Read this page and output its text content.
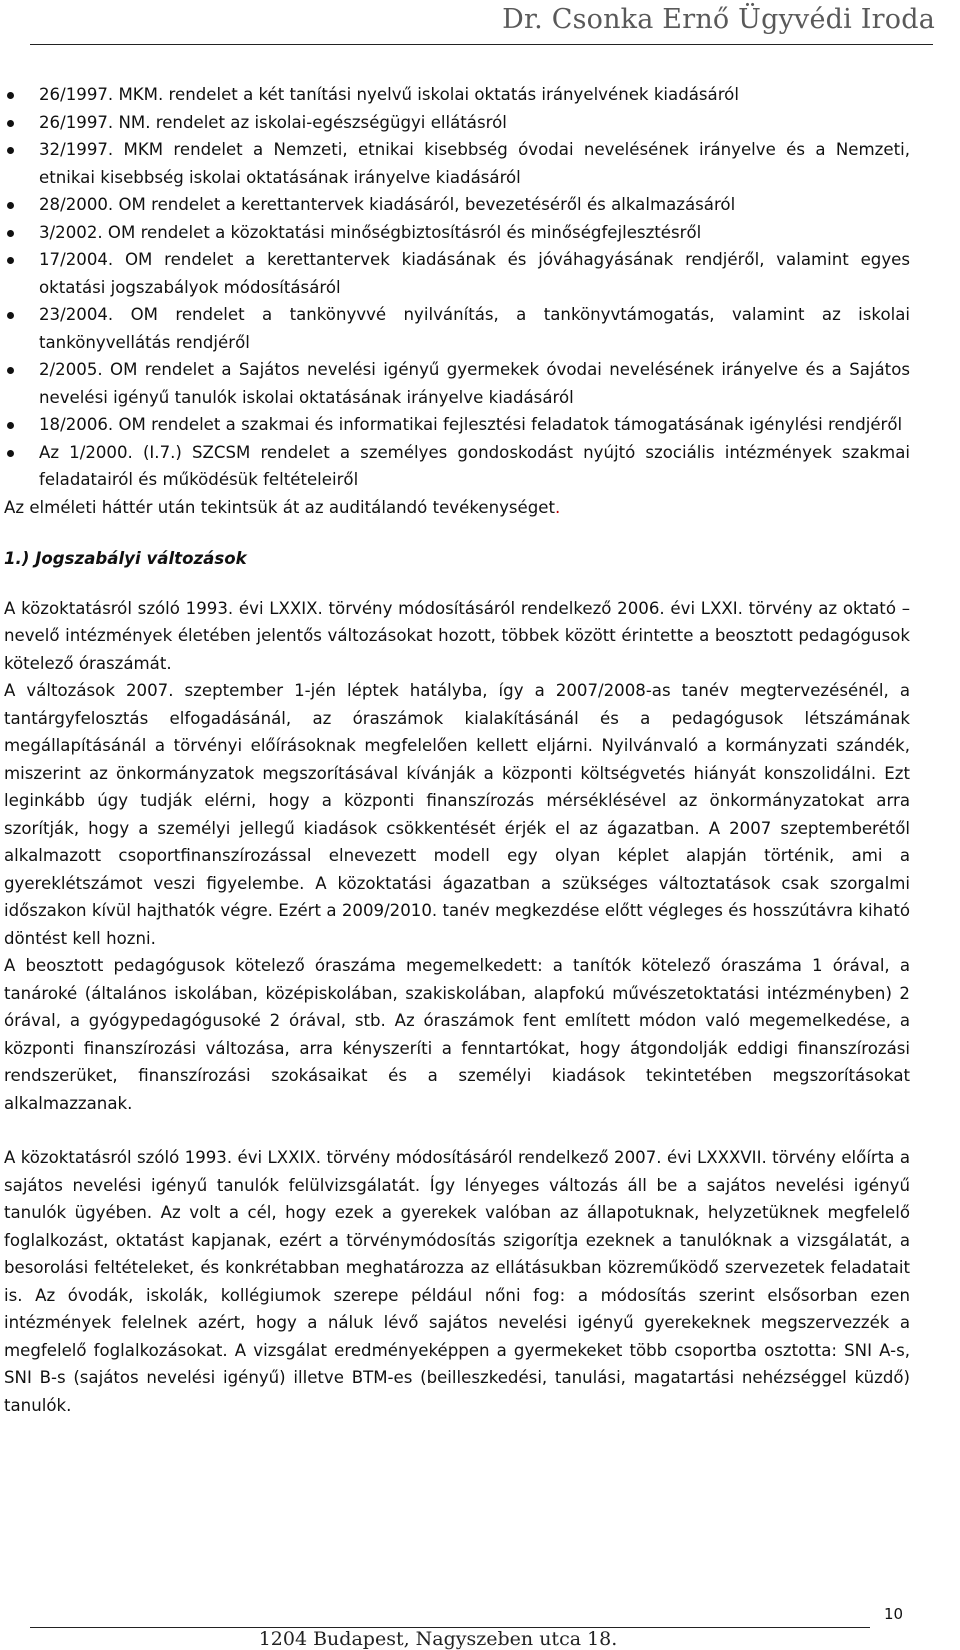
Dr. Csonka Ernő Ügyvédi Iroda
26/1997. MKM. rendelet a két tanítási nyelvű iskolai oktatás irányelvének kiadásáról
26/1997. NM. rendelet az iskolai-egészségügyi ellátásról
32/1997. MKM rendelet a Nemzeti, etnikai kisebbség óvodai nevelésének irányelve és a Nemzeti, etnikai kisebbség iskolai oktatásának irányelve kiadásáról
28/2000. OM rendelet a kerettantervek kiadásáról, bevezetéséről és alkalmazásáról
3/2002. OM rendelet a közoktatási minőségbiztosításról és minőségfejlesztésről
17/2004. OM rendelet a kerettantervek kiadásának és jóváhagyásának rendjéről, valamint egyes oktatási jogszabályok módosításáról
23/2004. OM rendelet a tankönyvvé nyilvánítás, a tankönyvtámogatás, valamint az iskolai tankönyvellátás rendjéről
2/2005. OM rendelet a Sajátos nevelési igényű gyermekek óvodai nevelésének irányelve és a Sajátos nevelési igényű tanulók iskolai oktatásának irányelve kiadásáról
18/2006. OM rendelet a szakmai és informatikai fejlesztési feladatok támogatásának igénylési rendjéről
Az 1/2000. (I.7.) SZCSM rendelet a személyes gondoskodást nyújtó szociális intézmények szakmai feladatairól és működésük feltételeiről

Az elméleti háttér után tekintsük át az auditálandó tevékenységet.

1.) Jogszabályi változások

A közoktatásról szóló 1993. évi LXXIX. törvény módosításáról rendelkező 2006. évi LXXI. törvény az oktató – nevelő intézmények életében jelentős változásokat hozott, többek között érintette a beosztott pedagógusok kötelező óraszámát.

A változások 2007. szeptember 1-jén léptek hatályba, így a 2007/2008-as tanév megtervezésénél, a tantárgyfelosztás elfogadásánál, az óraszámok kialakításánál és a pedagógusok létszámának megállapításánál a törvényi előírásoknak megfelelően kellett eljárni. Nyilvánvaló a kormányzati szándék, miszerint az önkormányzatok megszorításával kívánják a központi költségvetés hiányát konszolidálni. Ezt leginkább úgy tudják elérni, hogy a központi finanszírozás mérséklésével az önkormányzatokat arra szorítják, hogy a személyi jellegű kiadások csökkentését érjék el az ágazatban. A 2007 szeptemberétől alkalmazott csoportfinanszírozással elnevezett modell egy olyan képlet alapján történik, ami a gyereklétszámot veszi figyelembe. A közoktatási ágazatban a szükséges változtatások csak szorgalmi időszakon kívül hajthatók végre. Ezért a 2009/2010. tanév megkezdése előtt végleges és hosszútávra kiható döntést kell hozni.

A beosztott pedagógusok kötelező óraszáma megemelkedett: a tanítók kötelező óraszáma 1 órával, a tanároké (általános iskolában, középiskolában, szakiskolában, alapfokú művészetoktatási intézményben) 2 órával, a gyógypedagógusoké 2 órával, stb. Az óraszámok fent említett módon való megemelkedése, a központi finanszírozási változása, arra kényszeríti a fenntartókat, hogy átgondolják eddigi finanszírozási rendszerüket, finanszírozási szokásaikat és a személyi kiadások tekintetében megszorításokat alkalmazzanak.

A közoktatásról szóló 1993. évi LXXIX. törvény módosításáról rendelkező 2007. évi LXXXVII. törvény előírta a sajátos nevelési igényű tanulók felülvizsgálatát. Így lényeges változás áll be a sajátos nevelési igényű tanulók ügyében. Az volt a cél, hogy ezek a gyerekek valóban az állapotuknak, helyzetüknek megfelelő foglalkozást, oktatást kapjanak, ezért a törvénymódosítás szigorítja ezeknek a tanulóknak a vizsgálatát, a besorolási feltételeket, és konkrétabban meghatározza az ellátásukban közreműködő szervezetek feladatait is. Az óvodák, iskolák, kollégiumok szerepe például nőni fog: a módosítás szerint elsősorban ezen intézmények felelnek azért, hogy a náluk lévő sajátos nevelési igényű gyerekeknek megszervezzék a megfelelő foglalkozásokat. A vizsgálat eredményeképpen a gyermekeket több csoportba osztotta: SNI A-s, SNI B-s (sajátos nevelési igényű) illetve BTM-es (beilleszkedési, tanulási, magatartási nehézséggel küzdő) tanulók.

1204 Budapest, Nagyszeben utca 18.
10
